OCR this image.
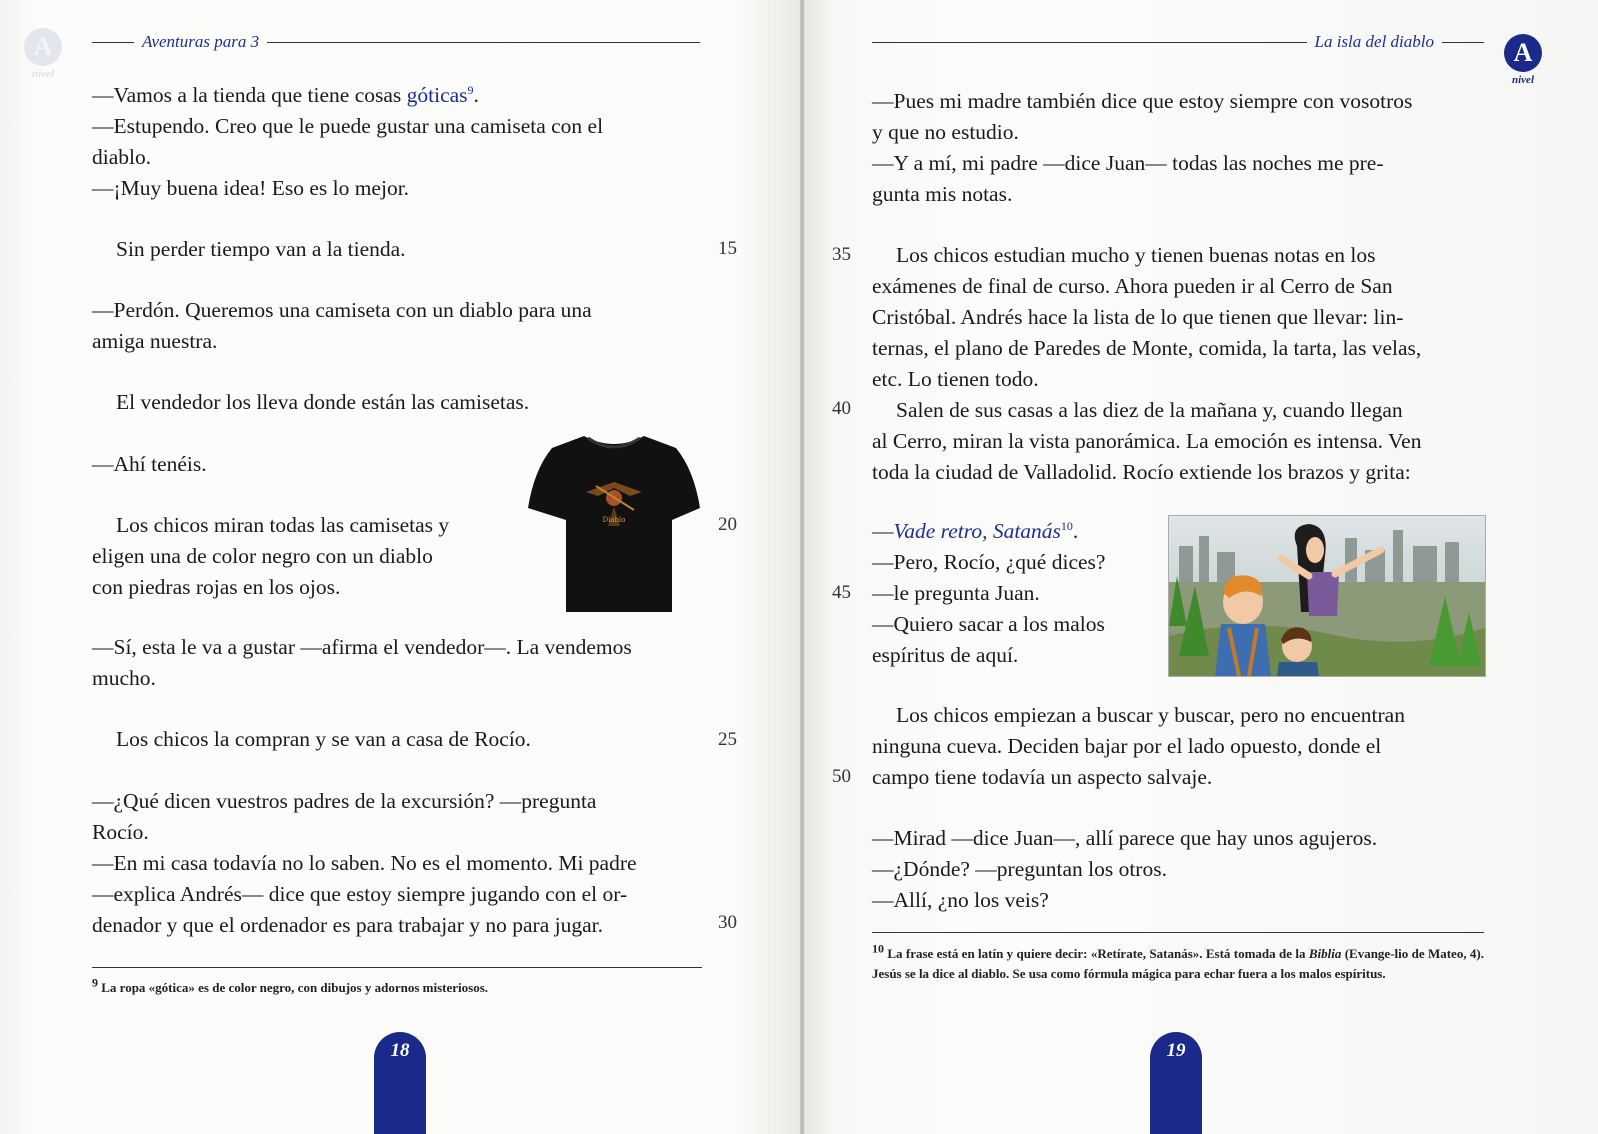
A
nivel
Aventuras para 3
—Vamos a la tienda que tiene cosas góticas$^9$.
—Estupendo. Creo que le puede gustar una camiseta con el
diablo.
—¡Muy buena idea! Eso es lo mejor.
Sin perder tiempo van a la tienda.
—Perdón. Queremos una camiseta con un diablo para una
amiga nuestra.
El vendedor los lleva donde están las camisetas.
—Ahí tenéis.
Los chicos miran todas las camisetas y
eligen una de color negro con un diablo
con piedras rojas en los ojos.
—Sí, esta le va a gustar —afirma el vendedor—. La vendemos
mucho.
Los chicos la compran y se van a casa de Rocío.
—¿Qué dicen vuestros padres de la excursión? —pregunta
Rocío.
—En mi casa todavía no lo saben. No es el momento. Mi padre
—explica Andrés— dice que estoy siempre jugando con el or-
denador y que el ordenador es para trabajar y no para jugar.
15
20
25
30
Diablo
$^9$ La ropa «gótica» es de color negro, con dibujos y adornos misteriosos.
18
La isla del diablo	A
nivel
—Pues mi madre también dice que estoy siempre con vosotros
y que no estudio.
—Y a mí, mi padre —dice Juan— todas las noches me pre-
gunta mis notas.
Los chicos estudian mucho y tienen buenas notas en los
exámenes de final de curso. Ahora pueden ir al Cerro de San
Cristóbal. Andrés hace la lista de lo que tienen que llevar: lin-
ternas, el plano de Paredes de Monte, comida, la tarta, las velas,
etc. Lo tienen todo.
Salen de sus casas a las diez de la mañana y, cuando llegan
al Cerro, miran la vista panorámica. La emoción es intensa. Ven
toda la ciudad de Valladolid. Rocío extiende los brazos y grita:
—Vade retro, Satanás$^{10}$.
—Pero, Rocío, ¿qué dices?
—le pregunta Juan.
—Quiero sacar a los malos
espíritus de aquí.
Los chicos empiezan a buscar y buscar, pero no encuentran
ninguna cueva. Deciden bajar por el lado opuesto, donde el
campo tiene todavía un aspecto salvaje.
—Mirad —dice Juan—, allí parece que hay unos agujeros.
—¿Dónde? —preguntan los otros.
—Allí, ¿no los veis?
35
40
45
50
$^{10}$ La frase está en latín y quiere decir: «Retírate, Satanás». Está tomada de la Biblia (Evange-lio de Mateo, 4). Jesús se la dice al diablo. Se usa como fórmula mágica para echar fuera a los malos espíritus.
19
